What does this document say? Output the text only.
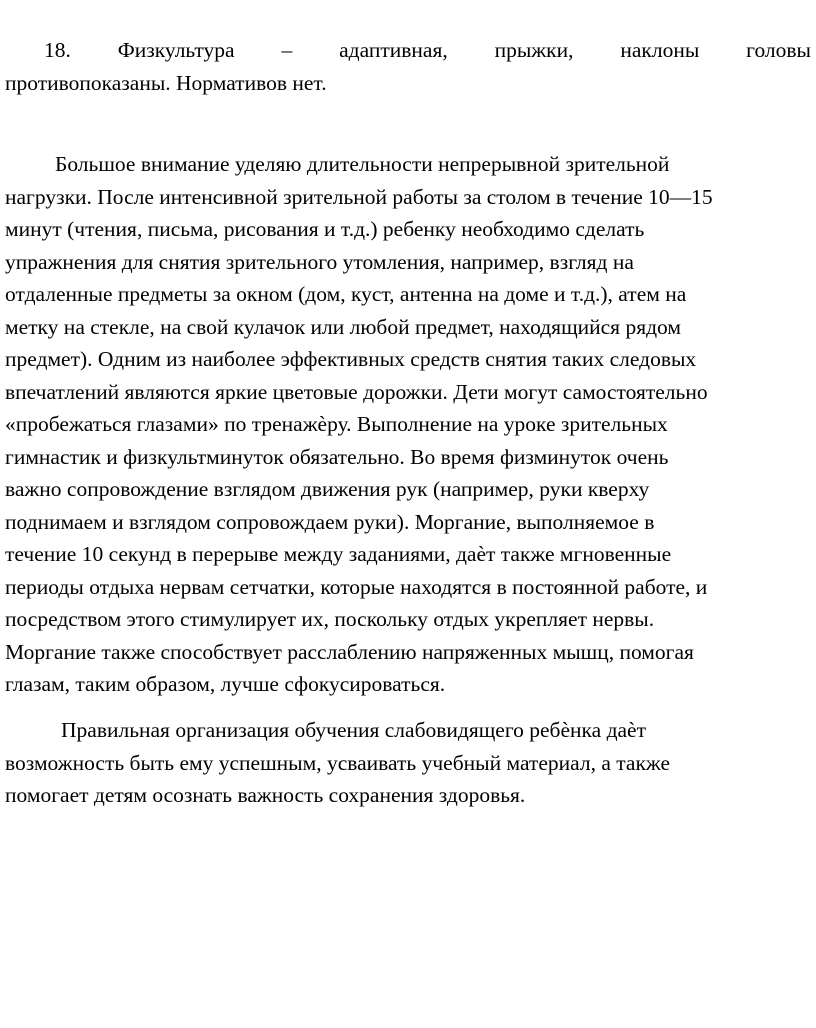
18. Физкультура – адаптивная, прыжки, наклоны головы
противопоказаны. Нормативов нет.

Большое внимание уделяю длительности непрерывной зрительной
нагрузки. После интенсивной зрительной работы за столом в течение 10—15
минут (чтения, письма, рисования и т.д.) ребенку необходимо сделать
упражнения для снятия зрительного утомления, например, взгляд на
отдаленные предметы за окном (дом, куст, антенна на доме и т.д.), атем на
метку на стекле, на свой кулачок или любой предмет, находящийся рядом
предмет). Одним из наиболее эффективных средств снятия таких следовых
впечатлений являются яркие цветовые дорожки. Дети могут самостоятельно
«пробежаться глазами» по тренажѐру. Выполнение на уроке зрительных
гимнастик и физкультминуток обязательно. Во время физминуток очень
важно сопровождение взглядом движения рук (например, руки кверху
поднимаем и взглядом сопровождаем руки). Моргание, выполняемое в
течение 10 секунд в перерыве между заданиями, даѐт также мгновенные
периоды отдыха нервам сетчатки, которые находятся в постоянной работе, и
посредством этого стимулирует их, поскольку отдых укрепляет нервы.
Моргание также способствует расслаблению напряженных мышц, помогая
глазам, таким образом, лучше сфокусироваться.

Правильная организация обучения слабовидящего ребѐнка даѐт
возможность быть ему успешным, усваивать учебный материал, а также
помогает детям осознать важность сохранения здоровья.
